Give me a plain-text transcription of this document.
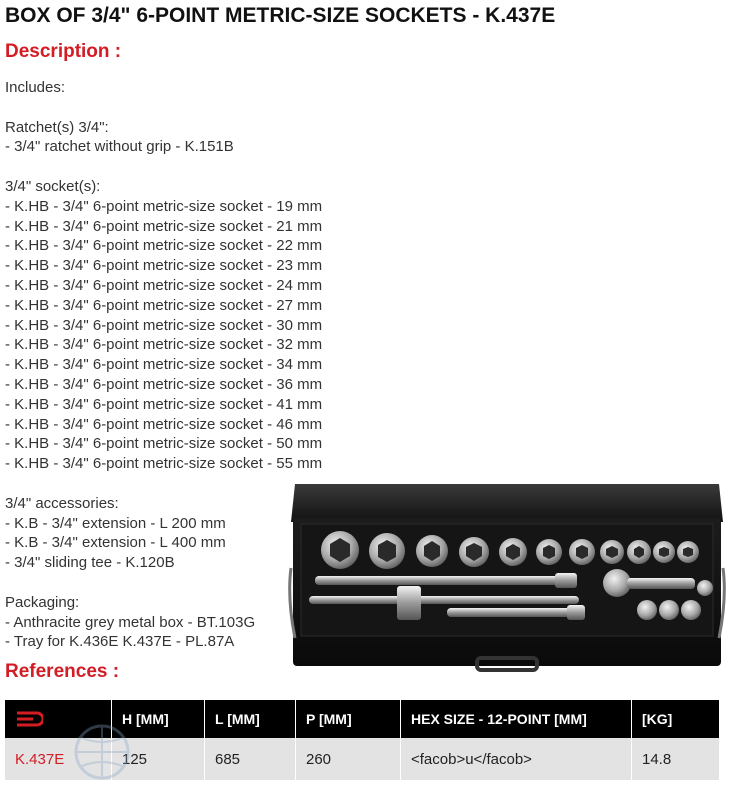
BOX OF 3/4" 6-POINT METRIC-SIZE SOCKETS - K.437E
Description :
Includes:
Ratchet(s) 3/4":
- 3/4" ratchet without grip - K.151B
3/4" socket(s):
- K.HB - 3/4" 6-point metric-size socket - 19 mm
- K.HB - 3/4" 6-point metric-size socket - 21 mm
- K.HB - 3/4" 6-point metric-size socket - 22 mm
- K.HB - 3/4" 6-point metric-size socket - 23 mm
- K.HB - 3/4" 6-point metric-size socket - 24 mm
- K.HB - 3/4" 6-point metric-size socket - 27 mm
- K.HB - 3/4" 6-point metric-size socket - 30 mm
- K.HB - 3/4" 6-point metric-size socket - 32 mm
- K.HB - 3/4" 6-point metric-size socket - 34 mm
- K.HB - 3/4" 6-point metric-size socket - 36 mm
- K.HB - 3/4" 6-point metric-size socket - 41 mm
- K.HB - 3/4" 6-point metric-size socket - 46 mm
- K.HB - 3/4" 6-point metric-size socket - 50 mm
- K.HB - 3/4" 6-point metric-size socket - 55 mm
3/4" accessories:
- K.B - 3/4" extension - L 200 mm
- K.B - 3/4" extension - L 400 mm
- 3/4" sliding tee - K.120B
Packaging:
- Anthracite grey metal box - BT.103G
- Tray for K.436E K.437E - PL.87A
References :
	H [MM]	L [MM]	P [MM]	HEX SIZE - 12-POINT [MM]	[KG]
K.437E	125	685	260	<facob>u</facob>	14.8
